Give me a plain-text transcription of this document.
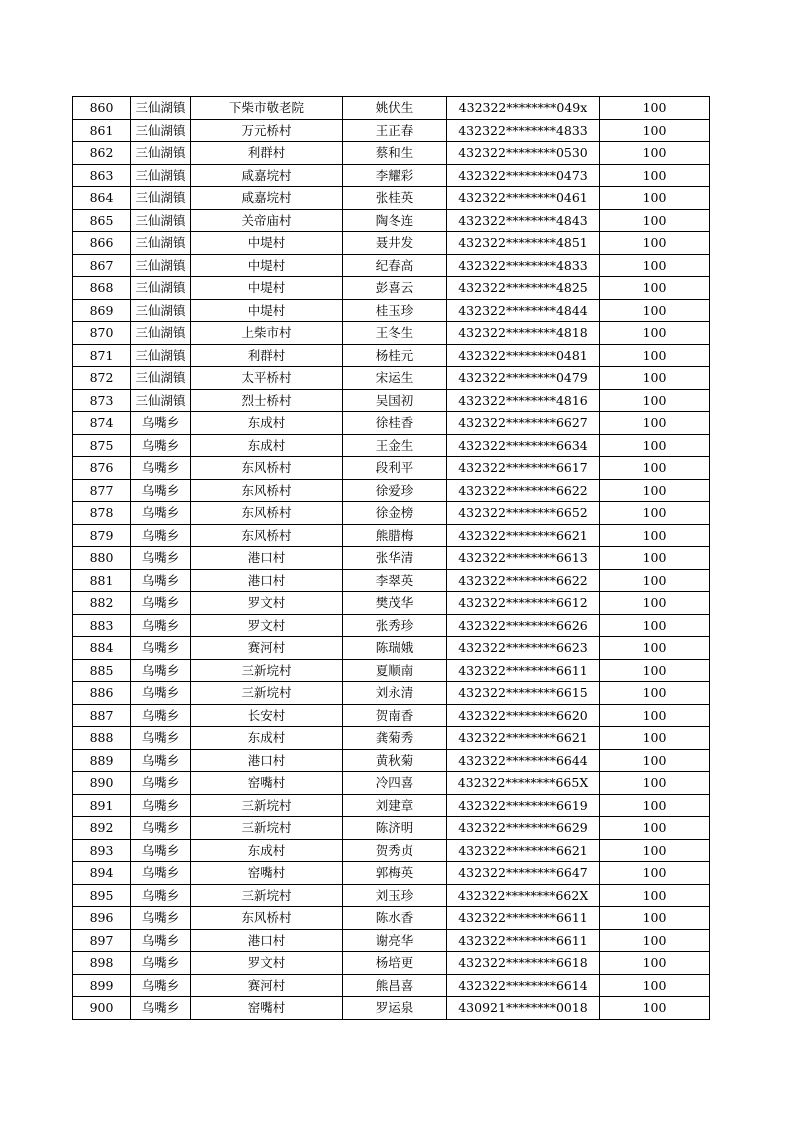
860	三仙湖镇	下柴市敬老院	姚伏生	432322********049x	100
861	三仙湖镇	万元桥村	王正春	432322********4833	100
862	三仙湖镇	利群村	蔡和生	432322********0530	100
863	三仙湖镇	咸嘉垸村	李耀彩	432322********0473	100
864	三仙湖镇	咸嘉垸村	张桂英	432322********0461	100
865	三仙湖镇	关帝庙村	陶冬连	432322********4843	100
866	三仙湖镇	中堤村	聂井发	432322********4851	100
867	三仙湖镇	中堤村	纪春高	432322********4833	100
868	三仙湖镇	中堤村	彭喜云	432322********4825	100
869	三仙湖镇	中堤村	桂玉珍	432322********4844	100
870	三仙湖镇	上柴市村	王冬生	432322********4818	100
871	三仙湖镇	利群村	杨桂元	432322********0481	100
872	三仙湖镇	太平桥村	宋运生	432322********0479	100
873	三仙湖镇	烈士桥村	吴国初	432322********4816	100
874	乌嘴乡	东成村	徐桂香	432322********6627	100
875	乌嘴乡	东成村	王金生	432322********6634	100
876	乌嘴乡	东风桥村	段利平	432322********6617	100
877	乌嘴乡	东风桥村	徐爱珍	432322********6622	100
878	乌嘴乡	东风桥村	徐金榜	432322********6652	100
879	乌嘴乡	东风桥村	熊腊梅	432322********6621	100
880	乌嘴乡	港口村	张华清	432322********6613	100
881	乌嘴乡	港口村	李翠英	432322********6622	100
882	乌嘴乡	罗文村	樊茂华	432322********6612	100
883	乌嘴乡	罗文村	张秀珍	432322********6626	100
884	乌嘴乡	赛河村	陈瑞娥	432322********6623	100
885	乌嘴乡	三新垸村	夏顺南	432322********6611	100
886	乌嘴乡	三新垸村	刘永清	432322********6615	100
887	乌嘴乡	长安村	贺南香	432322********6620	100
888	乌嘴乡	东成村	龚菊秀	432322********6621	100
889	乌嘴乡	港口村	黄秋菊	432322********6644	100
890	乌嘴乡	窑嘴村	冷四喜	432322********665X	100
891	乌嘴乡	三新垸村	刘建章	432322********6619	100
892	乌嘴乡	三新垸村	陈济明	432322********6629	100
893	乌嘴乡	东成村	贺秀贞	432322********6621	100
894	乌嘴乡	窑嘴村	郭梅英	432322********6647	100
895	乌嘴乡	三新垸村	刘玉珍	432322********662X	100
896	乌嘴乡	东风桥村	陈水香	432322********6611	100
897	乌嘴乡	港口村	谢亮华	432322********6611	100
898	乌嘴乡	罗文村	杨培更	432322********6618	100
899	乌嘴乡	赛河村	熊昌喜	432322********6614	100
900	乌嘴乡	窑嘴村	罗运泉	430921********0018	100
